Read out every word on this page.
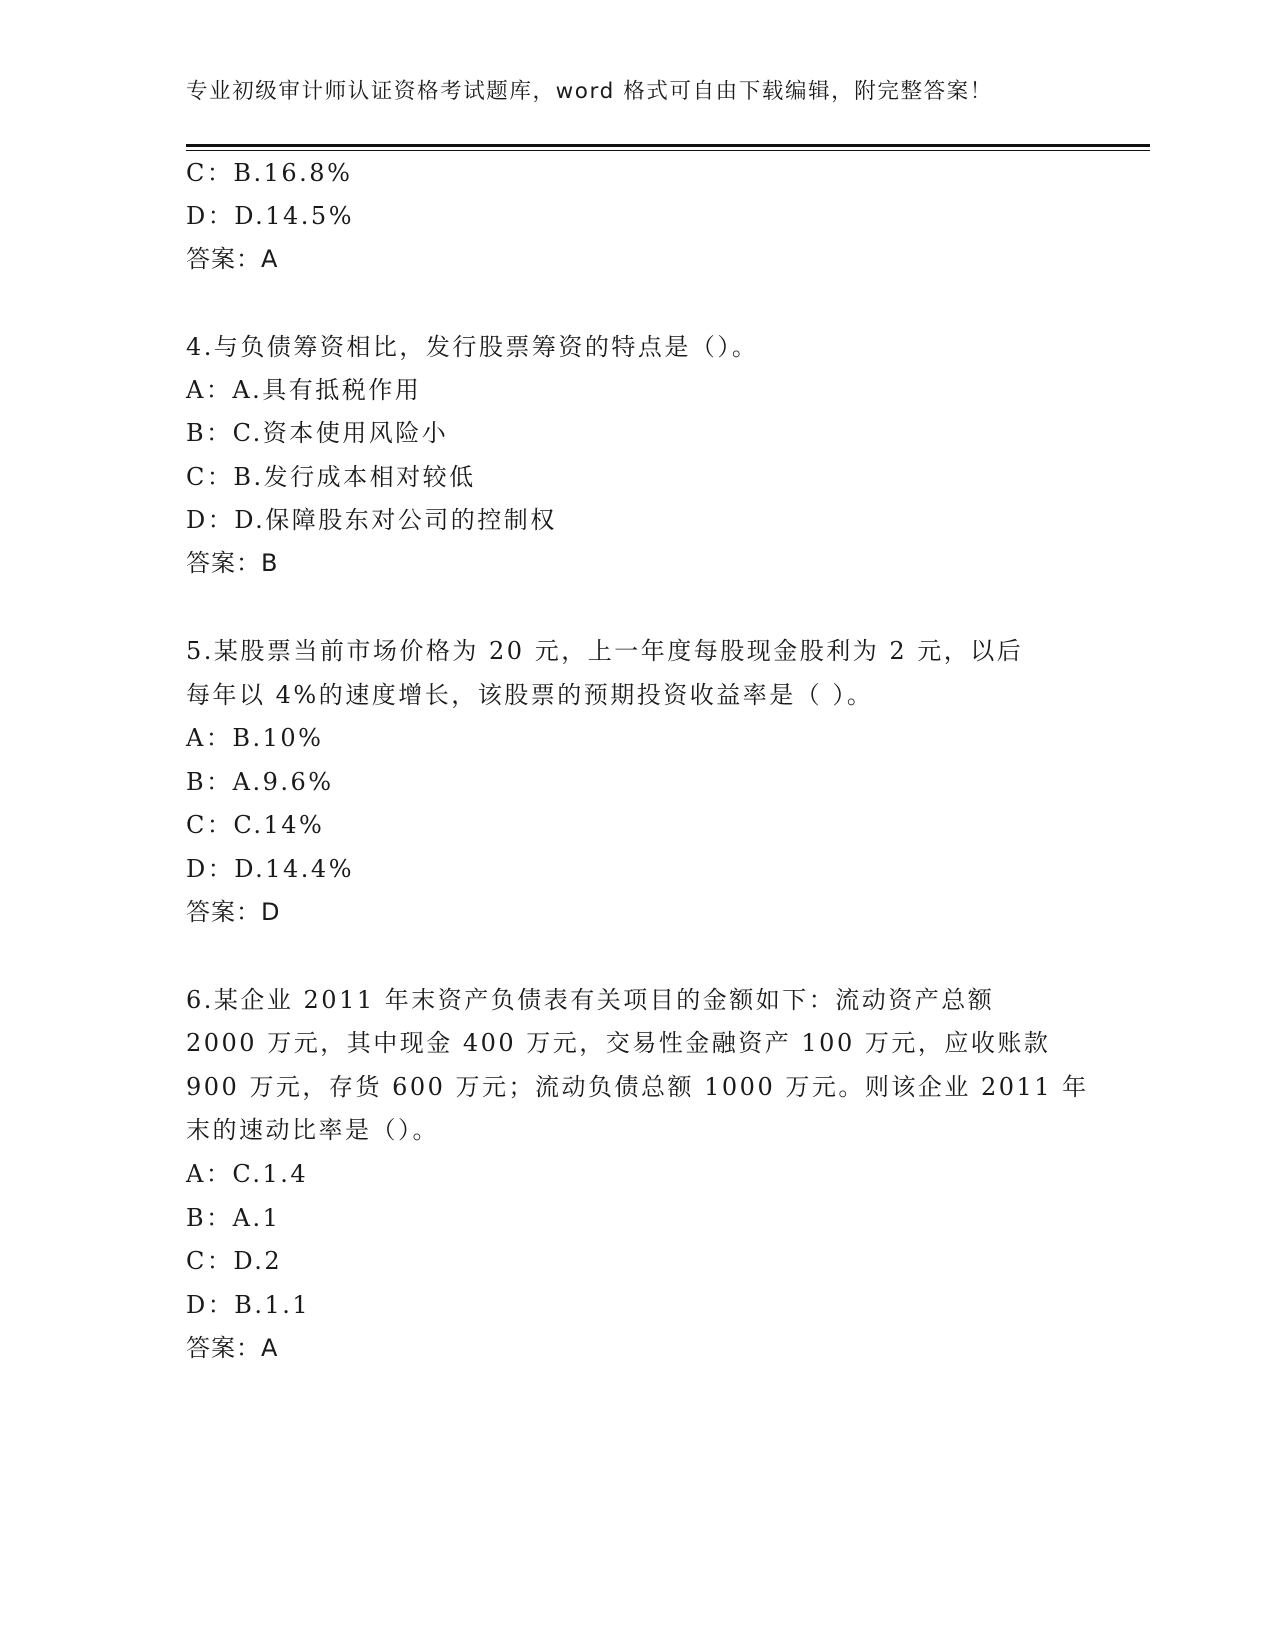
专业初级审计师认证资格考试题库，word 格式可自由下载编辑，附完整答案！
C：B.16.8%
D：D.14.5%
答案：A
4.与负债筹资相比，发行股票筹资的特点是（）。
A：A.具有抵税作用
B：C.资本使用风险小
C：B.发行成本相对较低
D：D.保障股东对公司的控制权
答案：B
5.某股票当前市场价格为 20 元，上一年度每股现金股利为 2 元，以后
每年以 4%的速度增长，该股票的预期投资收益率是（ ）。
A：B.10%
B：A.9.6%
C：C.14%
D：D.14.4%
答案：D
6.某企业 2011 年末资产负债表有关项目的金额如下：流动资产总额
2000 万元，其中现金 400 万元，交易性金融资产 100 万元，应收账款
900 万元，存货 600 万元；流动负债总额 1000 万元。则该企业 2011 年
末的速动比率是（）。
A：C.1.4
B：A.1
C：D.2
D：B.1.1
答案：A
